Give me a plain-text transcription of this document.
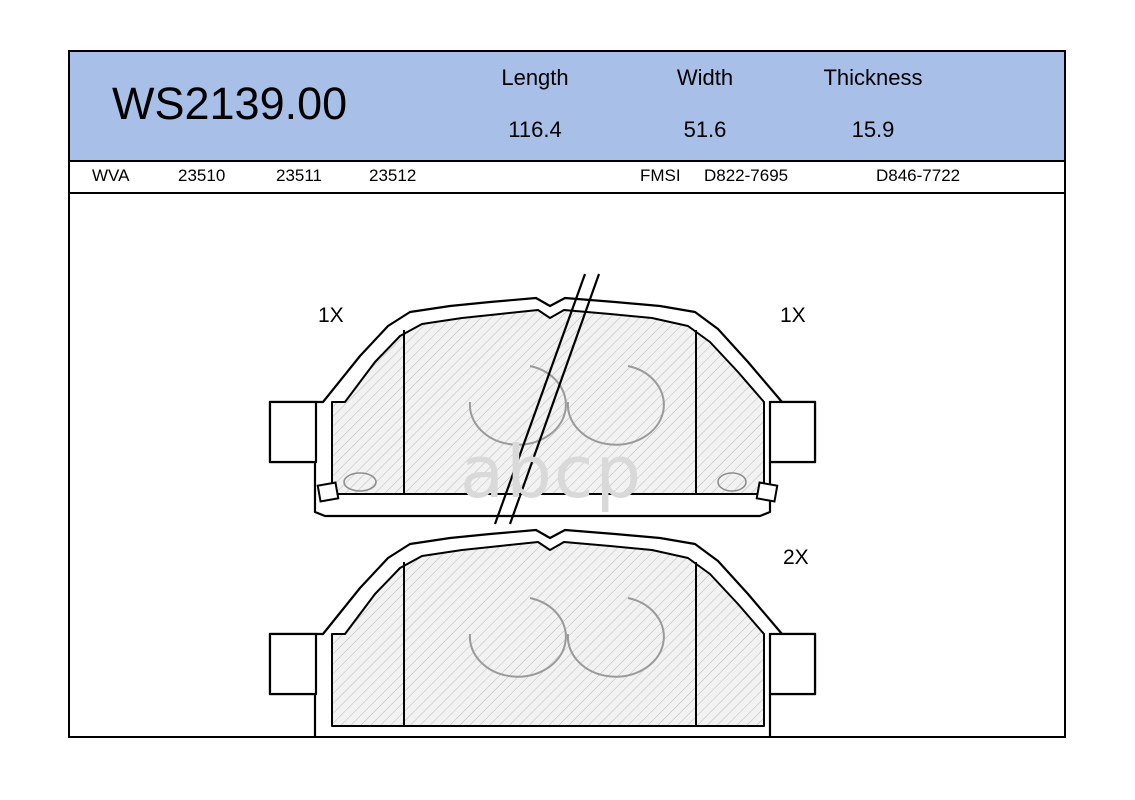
WS2139.00
Length
116.4
Width
51.6
Thickness
15.9
WVA	23510	23511	23512	FMSI D822-7695	D846-7722
1X	1X
2X
abcp
